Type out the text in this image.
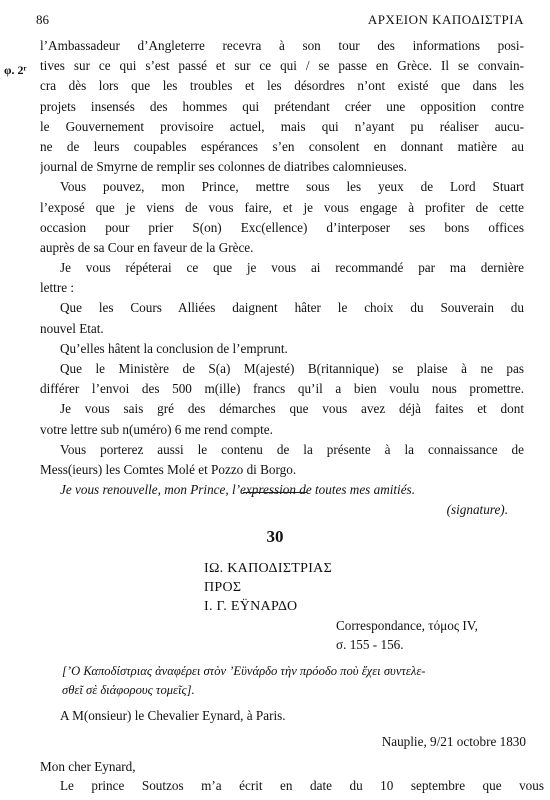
86	ΑΡΧΕΙΟΝ ΚΑΠΟΔΙΣΤΡΙΑ
φ. 2ʳ
l’Ambassadeur d’Angleterre recevra à son tour des informations posi-
tives sur ce qui s’est passé et sur ce qui / se passe en Grèce. Il se convain-
cra dès lors que les troubles et les désordres n’ont existé que dans les
projets insensés des hommes qui prétendant créer une opposition contre
le Gouvernement provisoire actuel, mais qui n’ayant pu réaliser aucu-
ne de leurs coupables espérances s’en consolent en donnant matière au
journal de Smyrne de remplir ses colonnes de diatribes calomnieuses.
Vous pouvez, mon Prince, mettre sous les yeux de Lord Stuart
l’exposé que je viens de vous faire, et je vous engage à profiter de cette
occasion pour prier S(on) Exc(ellence) d’interposer ses bons offices
auprès de sa Cour en faveur de la Grèce.
Je vous répéterai ce que je vous ai recommandé par ma dernière
lettre :
Que les Cours Alliées daignent hâter le choix du Souverain du
nouvel Etat.
Qu’elles hâtent la conclusion de l’emprunt.
Que le Ministère de S(a) M(ajesté) B(ritannique) se plaise à ne pas
différer l’envoi des 500 m(ille) francs qu’il a bien voulu nous promettre.
Je vous sais gré des démarches que vous avez déjà faites et dont
votre lettre sub n(uméro) 6 me rend compte.
Vous porterez aussi le contenu de la présente à la connaissance de
Mess(ieurs) les Comtes Molé et Pozzo di Borgo.
Je vous renouvelle, mon Prince, l’expression de toutes mes amitiés.
(signature).
30
ΙΩ. ΚΑΠΟΔΙΣΤΡΙΑΣ
ΠΡΟΣ
Ι. Γ. ΕΫΝΑΡΔΟ
Correspondance, τόμος IV,
σ. 155 - 156.
[’Ο Καποδίστριας ἀναφέρει στὸν ’Εϋνάρδο τὴν πρόοδο ποὺ ἔχει συντελε-
σθεῖ σὲ διάφορους τομεῖς].
A M(onsieur) le Chevalier Eynard, à Paris.
Nauplie, 9/21 octobre 1830
Mon cher Eynard,
Le prince Soutzos m’a écrit en date du 10 septembre que vous
